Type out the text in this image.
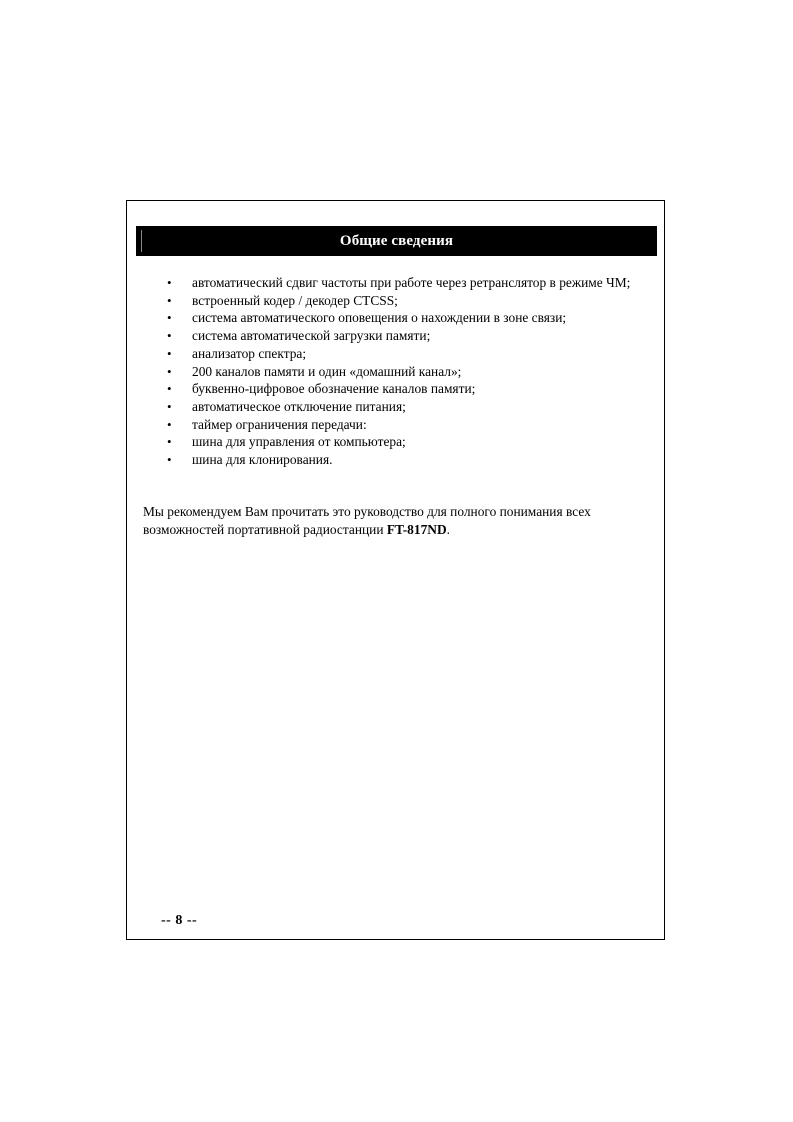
Общие сведения
• автоматический сдвиг частоты при работе через ретранслятор в режиме ЧМ;
• встроенный кодер / декодер CTCSS;
• система автоматического оповещения о нахождении в зоне связи;
• система автоматической загрузки памяти;
• анализатор спектра;
• 200 каналов памяти и один «домашний канал»;
• буквенно-цифровое обозначение каналов памяти;
• автоматическое отключение питания;
• таймер ограничения передачи:
• шина для управления от компьютера;
• шина для клонирования.

Мы рекомендуем Вам прочитать это руководство для полного понимания всех возможностей портативной радиостанции FT-817ND.

-- 8 --
